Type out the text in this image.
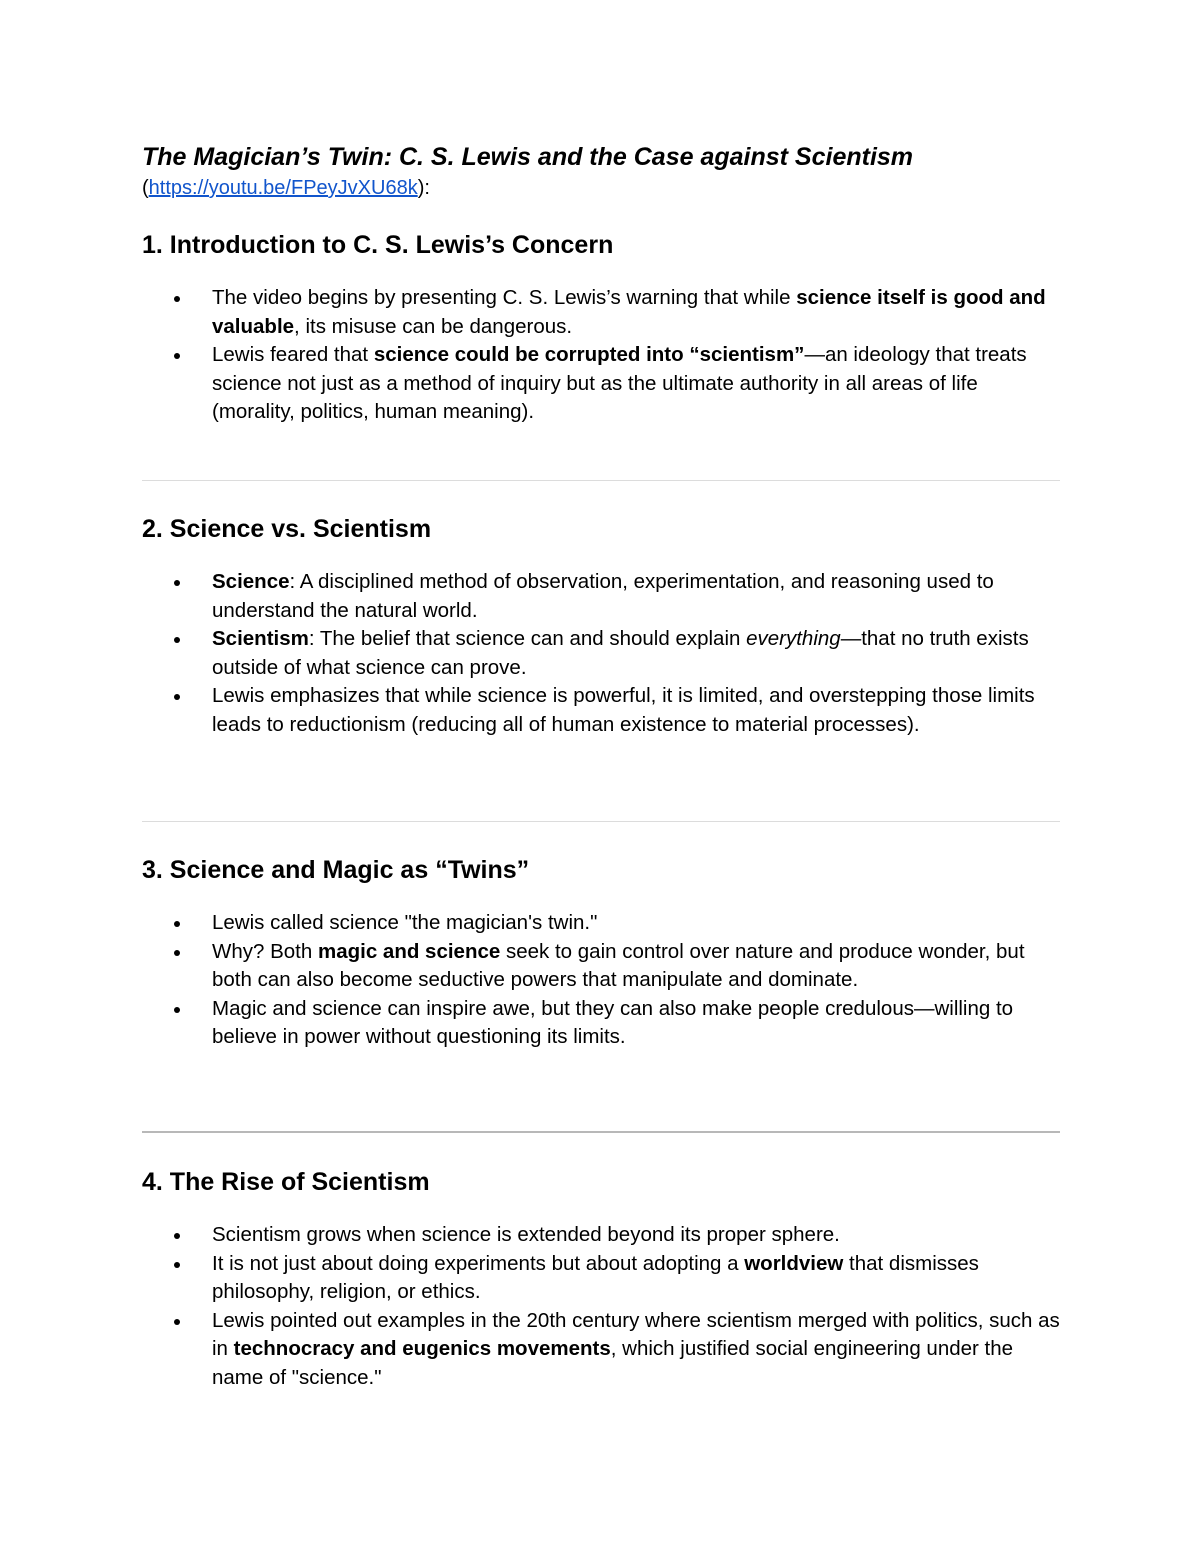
The Magician’s Twin: C. S. Lewis and the Case against Scientism

(https://youtu.be/FPeyJvXU68k):

1. Introduction to C. S. Lewis’s Concern
The video begins by presenting C. S. Lewis’s warning that while science itself is good and valuable, its misuse can be dangerous.
Lewis feared that science could be corrupted into “scientism”—an ideology that treats science not just as a method of inquiry but as the ultimate authority in all areas of life (morality, politics, human meaning).
2. Science vs. Scientism
Science: A disciplined method of observation, experimentation, and reasoning used to understand the natural world.
Scientism: The belief that science can and should explain everything—that no truth exists outside of what science can prove.
Lewis emphasizes that while science is powerful, it is limited, and overstepping those limits leads to reductionism (reducing all of human existence to material processes).
3. Science and Magic as “Twins”
Lewis called science "the magician's twin."
Why? Both magic and science seek to gain control over nature and produce wonder, but both can also become seductive powers that manipulate and dominate.
Magic and science can inspire awe, but they can also make people credulous—willing to believe in power without questioning its limits.
4. The Rise of Scientism
Scientism grows when science is extended beyond its proper sphere.
It is not just about doing experiments but about adopting a worldview that dismisses philosophy, religion, or ethics.
Lewis pointed out examples in the 20th century where scientism merged with politics, such as in technocracy and eugenics movements, which justified social engineering under the name of "science."
